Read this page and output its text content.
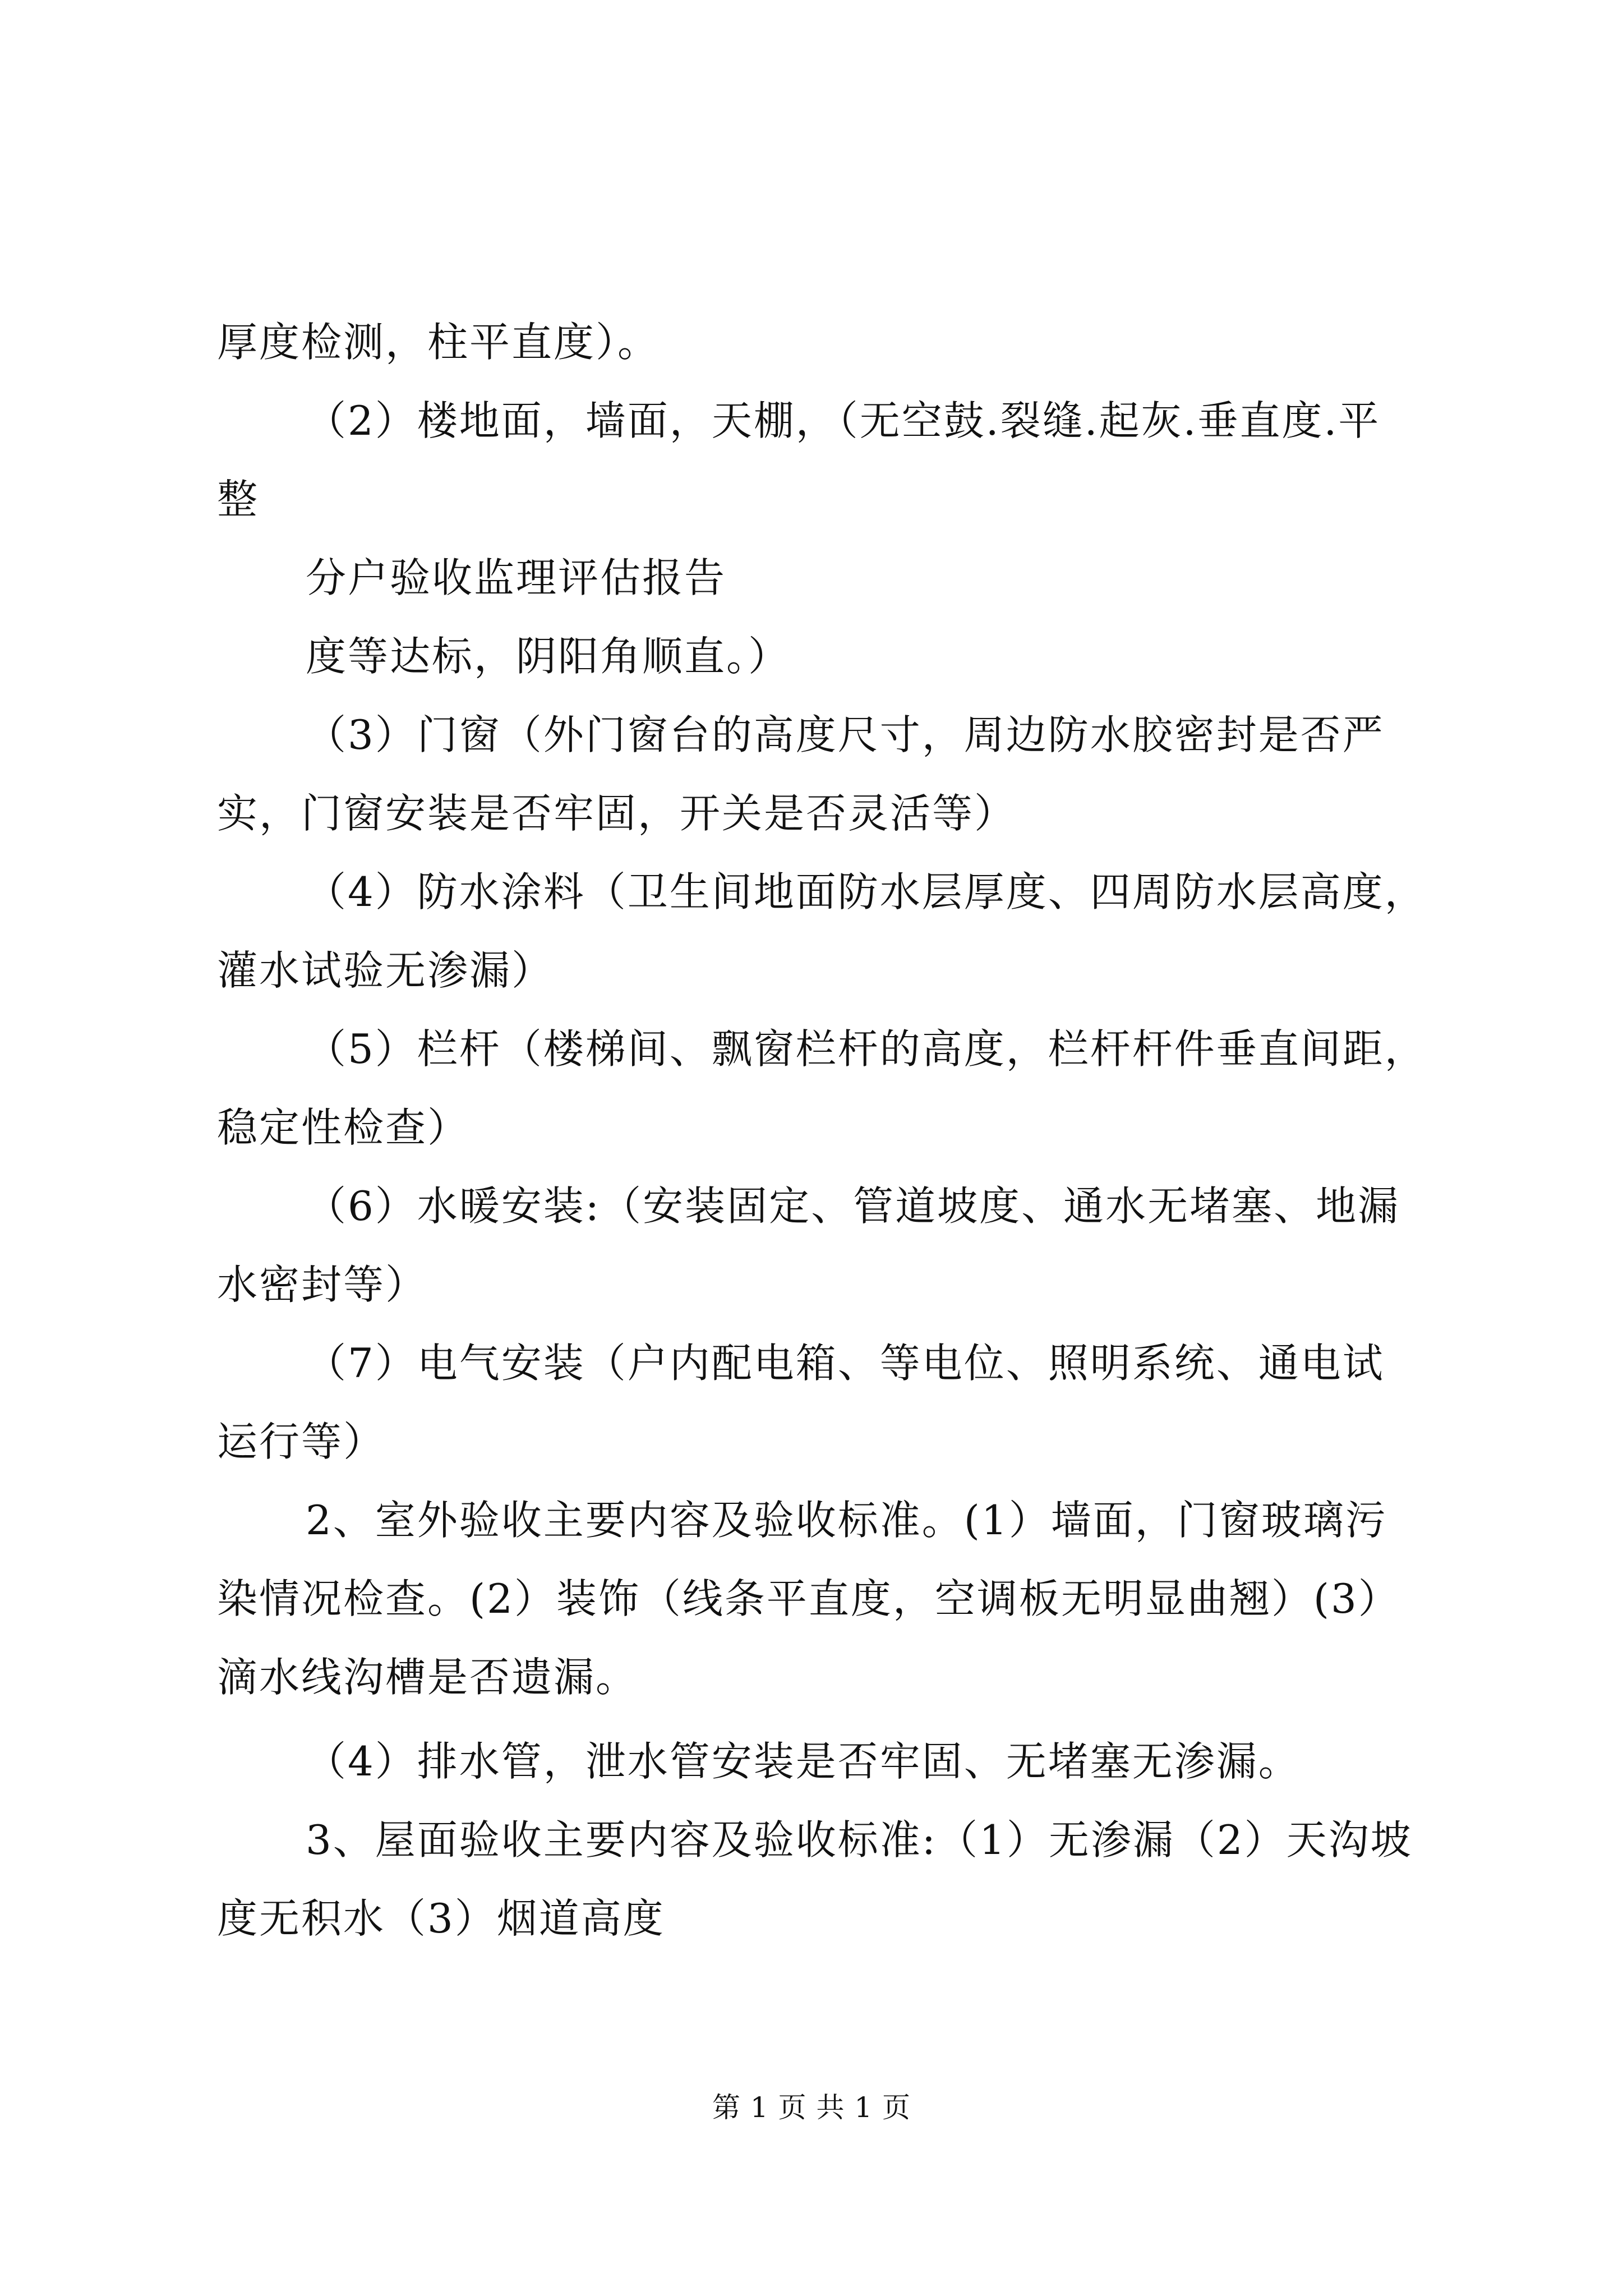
厚度检测，柱平直度）。
（2）楼地面，墙面，天棚，（无空鼓.裂缝.起灰.垂直度.平
整
分户验收监理评估报告
度等达标，阴阳角顺直。）
（3）门窗（外门窗台的高度尺寸，周边防水胶密封是否严
实，门窗安装是否牢固，开关是否灵活等）
（4）防水涂料（卫生间地面防水层厚度、四周防水层高度，
灌水试验无渗漏）
（5）栏杆（楼梯间、飘窗栏杆的高度，栏杆杆件垂直间距，
稳定性检查）
（6）水暖安装:（安装固定、管道坡度、通水无堵塞、地漏
水密封等）
（7）电气安装（户内配电箱、等电位、照明系统、通电试
运行等）
2、室外验收主要内容及验收标准。(1）墙面，门窗玻璃污
染情况检查。(2）装饰（线条平直度，空调板无明显曲翘）(3）
滴水线沟槽是否遗漏。
（4）排水管，泄水管安装是否牢固、无堵塞无渗漏。
3、屋面验收主要内容及验收标准:（1）无渗漏（2）天沟坡
度无积水（3）烟道高度
第 1 页 共 1 页
